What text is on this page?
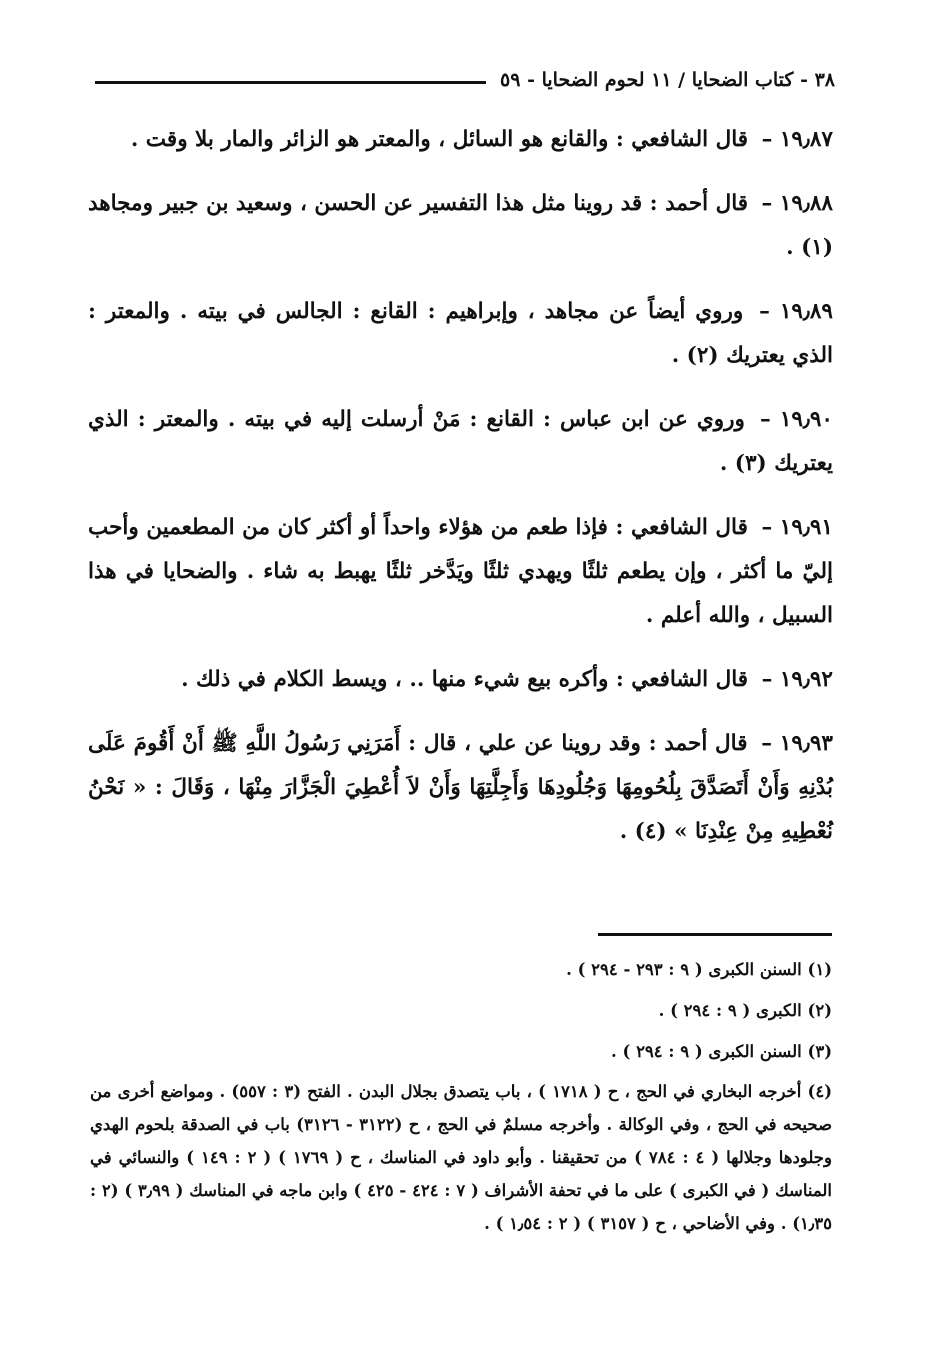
٣٨ - كتاب الضحايا / ١١ لحوم الضحايا - ٥٩

١٩٫٨٧ – قال الشافعي : والقانع هو السائل ، والمعتر هو الزائر والمار بلا وقت .

١٩٫٨٨ – قال أحمد : قد روينا مثل هذا التفسير عن الحسن ، وسعيد بن جبير ومجاهد (١) .

١٩٫٨٩ – وروي أيضاً عن مجاهد ، وإبراهيم : القانع : الجالس في بيته . والمعتر : الذي يعتريك (٢) .

١٩٫٩٠ – وروي عن ابن عباس : القانع : مَنْ أرسلت إليه في بيته . والمعتر : الذي يعتريك (٣) .

١٩٫٩١ – قال الشافعي : فإذا طعم من هؤلاء واحداً أو أكثر كان من المطعمين وأحب إليّ ما أكثر ، وإن يطعم ثلثًا ويهدي ثلثًا ويَدَّخر ثلثًا يهبط به شاء . والضحايا في هذا السبيل ، والله أعلم .

١٩٫٩٢ – قال الشافعي : وأكره بيع شيء منها .. ، ويسط الكلام في ذلك .

١٩٫٩٣ – قال أحمد : وقد روينا عن علي ، قال : أَمَرَنِي رَسُولُ اللَّهِ ﷺ أَنْ أَقُومَ عَلَى بُدْنِهِ وَأَنْ أَتَصَدَّقَ بِلُحُومِهَا وَجُلُودِهَا وَأَجِلَّتِهَا وَأَنْ لاَ أُعْطِيَ الْجَزَّارَ مِنْهَا ، وَقَالَ : « نَحْنُ نُعْطِيهِ مِنْ عِنْدِنَا » (٤) .

(١) السنن الكبرى ( ٩ : ٢٩٣ - ٢٩٤ ) .

(٢) الكبرى ( ٩ : ٢٩٤ ) .

(٣) السنن الكبرى ( ٩ : ٢٩٤ ) .

(٤) أخرجه البخاري في الحج ، ح ( ١٧١٨ ) ، باب يتصدق بجلال البدن . الفتح (٣ : ٥٥٧) . ومواضع أخرى من صحيحه في الحج ، وفي الوكالة . وأخرجه مسلمٌ في الحج ، ح (٣١٢٢ - ٣١٢٦) باب في الصدقة بلحوم الهدي وجلودها وجلالها ( ٤ : ٧٨٤ ) من تحقيقنا . وأبو داود في المناسك ، ح ( ١٧٦٩ ) ( ٢ : ١٤٩ ) والنسائي في المناسك ( في الكبرى ) على ما في تحفة الأشراف ( ٧ : ٤٢٤ - ٤٢٥ ) وابن ماجه في المناسك ( ٣٫٩٩ ) (٢ : ١٫٣٥) . وفي الأضاحي ، ح ( ٣١٥٧ ) ( ٢ : ١٫٥٤ ) .
